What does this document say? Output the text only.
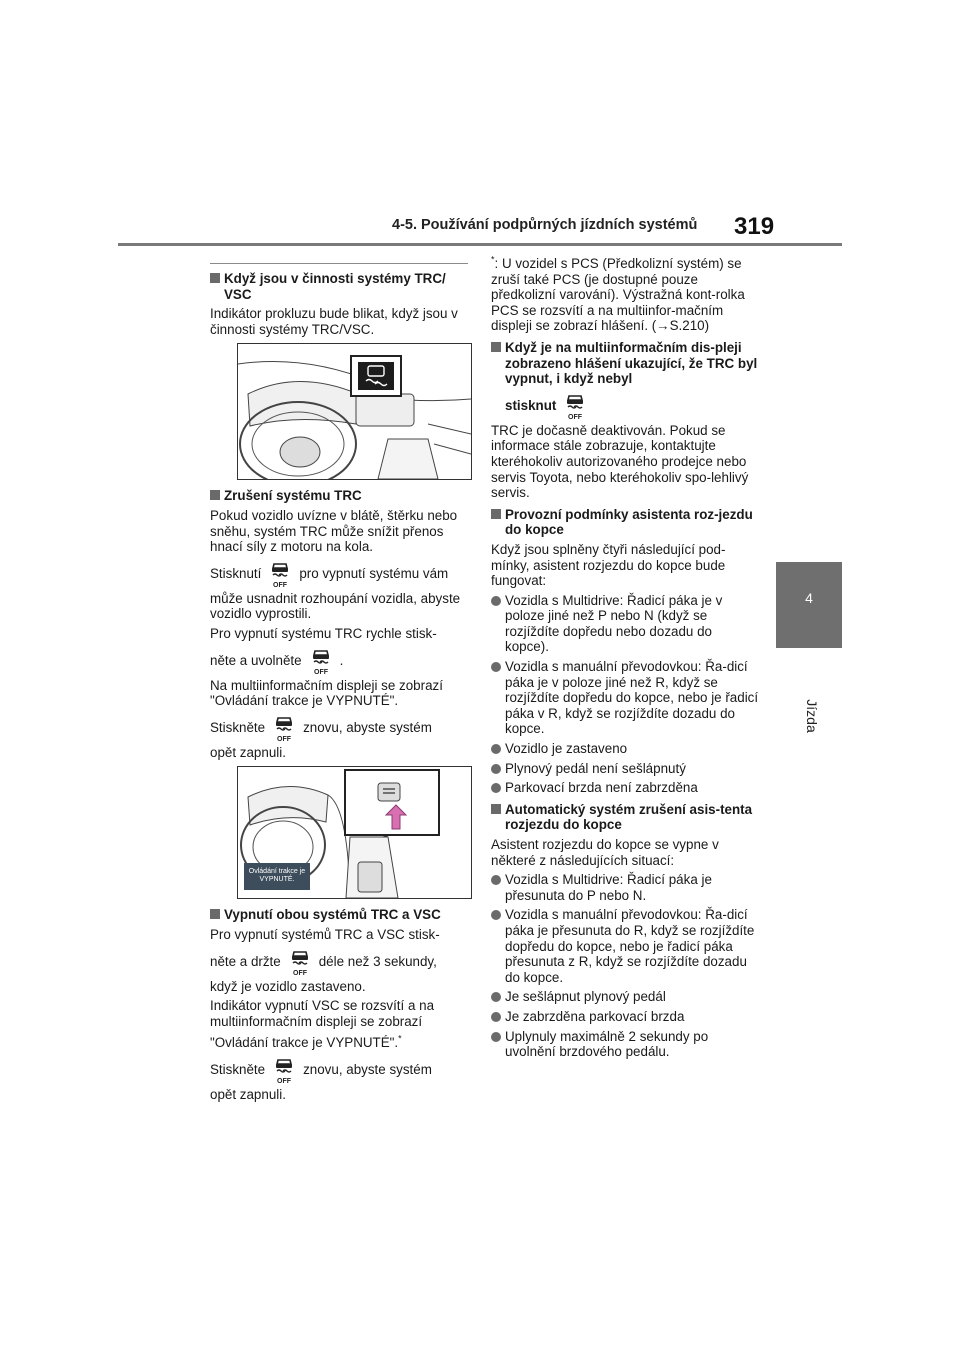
4-5. Používání podpůrných jízdních systémů 319
4
Jízda
Když jsou v činnosti systémy TRC/ VSC

Indikátor prokluzu bude blikat, když jsou v činnosti systémy TRC/VSC.

Zrušení systému TRC

Pokud vozidlo uvízne v blátě, štěrku nebo sněhu, systém TRC může snížit přenos hnací síly z motoru na kola.

Stisknutí	pro vypnutí systému vám

může usnadnit rozhoupání vozidla, abyste vozidlo vyprostili.

Pro vypnutí systému TRC rychle stisk-

něte a uvolněte	.

Na multiinformačním displeji se zobrazí "Ovládání trakce je VYPNUTÉ".

Stiskněte	znovu, abyste systém

opět zapnuli.

Ovládání trakce je VYPNUTÉ.
Vypnutí obou systémů TRC a VSC

Pro vypnutí systémů TRC a VSC stisk-

něte a držte	déle než 3 sekundy,

když je vozidlo zastaveno.

Indikátor vypnutí VSC se rozsvítí a na multiinformačním displeji se zobrazí

"Ovládání trakce je VYPNUTÉ".*

Stiskněte	znovu, abyste systém

opět zapnuli.

*: U vozidel s PCS (Předkolizní systém) se zruší také PCS (je dostupné pouze předkolizní varování). Výstražná kont-rolka PCS se rozsvítí a na multiinfor-mačním displeji se zobrazí hlášení. (→S.210)

Když je na multiinformačním dis-pleji zobrazeno hlášení ukazující, že TRC byl vypnut, i když nebyl
stisknut

TRC je dočasně deaktivován. Pokud se informace stále zobrazuje, kontaktujte kteréhokoliv autorizovaného prodejce nebo servis Toyota, nebo kteréhokoliv spo-lehlivý servis.

Provozní podmínky asistenta roz-jezdu do kopce

Když jsou splněny čtyři následující pod-mínky, asistent rozjezdu do kopce bude fungovat:

Vozidla s Multidrive: Řadicí páka je v poloze jiné než P nebo N (když se rozjíždíte dopředu nebo dozadu do kopce).
Vozidla s manuální převodovkou: Řa-dicí páka je v poloze jiné než R, když se rozjíždíte dopředu do kopce, nebo je řadicí páka v R, když se rozjíždíte dozadu do kopce.
Vozidlo je zastaveno
Plynový pedál není sešlápnutý
Parkovací brzda není zabrzděna
Automatický systém zrušení asis-tenta rozjezdu do kopce

Asistent rozjezdu do kopce se vypne v některé z následujících situací:

Vozidla s Multidrive: Řadicí páka je přesunuta do P nebo N.
Vozidla s manuální převodovkou: Řa-dicí páka je přesunuta do R, když se rozjíždíte dopředu do kopce, nebo je řadicí páka přesunuta z R, když se rozjíždíte dozadu do kopce.
Je sešlápnut plynový pedál
Je zabrzděna parkovací brzda
Uplynuly maximálně 2 sekundy po uvolnění brzdového pedálu.
